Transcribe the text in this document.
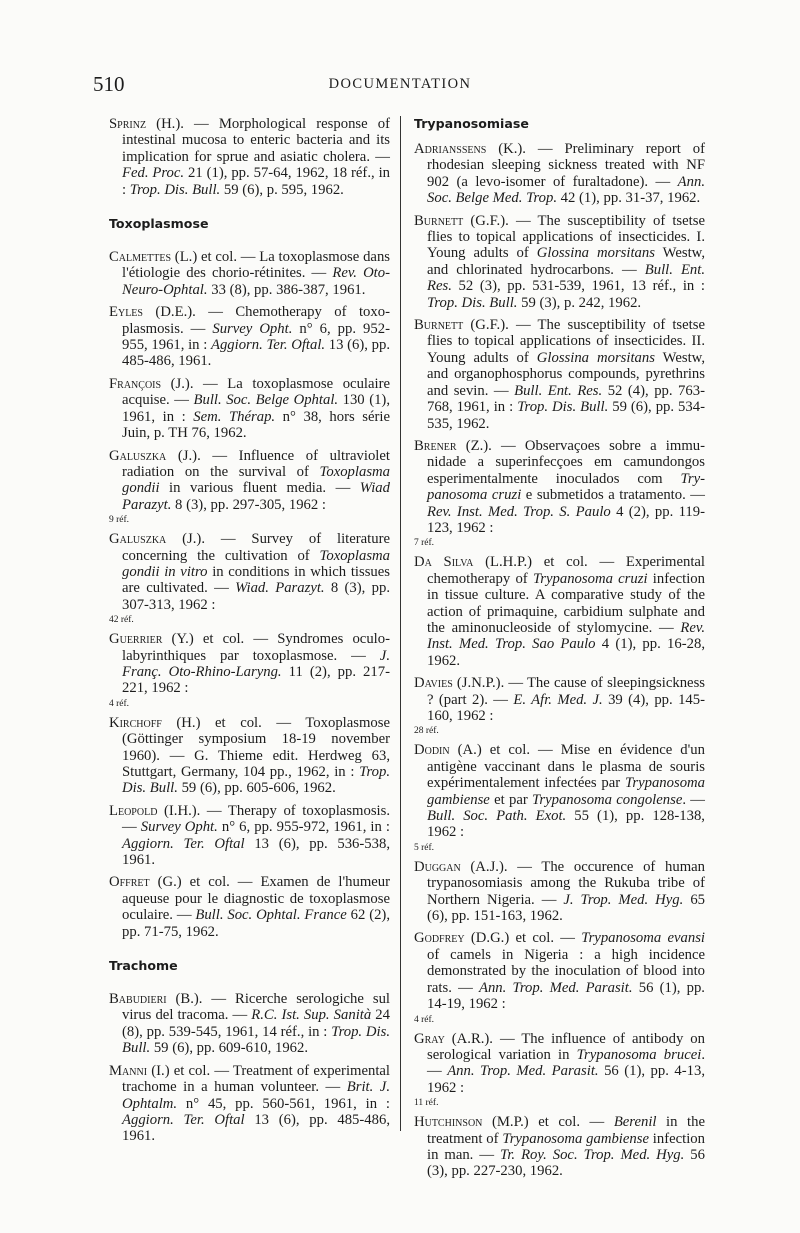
510	DOCUMENTATION

Sprinz (H.). — Morphological response of intestinal mucosa to enteric bacteria and its implication for sprue and asiatic cholera. — Fed. Proc. 21 (1), pp. 57-64, 1962, 18 réf., in : Trop. Dis. Bull. 59 (6), p. 595, 1962.

Toxoplasmose

Calmettes (L.) et col. — La toxoplasmose dans l'étiologie des chorio-rétinites. — Rev. Oto-Neuro-Ophtal. 33 (8), pp. 386-387, 1961.

Eyles (D.E.). — Chemotherapy of toxoplasmosis. — Survey Opht. n° 6, pp. 952-955, 1961, in : Aggiorn. Ter. Oftal. 13 (6), pp. 485-486, 1961.

François (J.). — La toxoplasmose oculaire acquise. — Bull. Soc. Belge Ophtal. 130 (1), 1961, in : Sem. Thérap. n° 38, hors série Juin, p. TH 76, 1962.

Galuszka (J.). — Influence of ultraviolet radiation on the survival of Toxoplasma gondii in various fluent media. — Wiad Parazyt. 8 (3), pp. 297-305, 1962 :
9 réf.

Galuszka (J.). — Survey of literature concerning the cultivation of Toxoplasma gondii in vitro in conditions in which tissues are cultivated. — Wiad. Parazyt. 8 (3), pp. 307-313, 1962 :
42 réf.

Guerrier (Y.) et col. — Syndromes oculolabyrinthiques par toxoplasmose. — J. Franç. Oto-Rhino-Laryng. 11 (2), pp. 217-221, 1962 :
4 réf.

Kirchoff (H.) et col. — Toxoplasmose (Göttinger symposium 18-19 november 1960). — G. Thieme edit. Herdweg 63, Stuttgart, Germany, 104 pp., 1962, in : Trop. Dis. Bull. 59 (6), pp. 605-606, 1962.

Leopold (I.H.). — Therapy of toxoplasmosis. — Survey Opht. n° 6, pp. 955-972, 1961, in : Aggiorn. Ter. Oftal 13 (6), pp. 536-538, 1961.

Offret (G.) et col. — Examen de l'humeur aqueuse pour le diagnostic de toxoplasmose oculaire. — Bull. Soc. Ophtal. France 62 (2), pp. 71-75, 1962.

Trachome

Babudieri (B.). — Ricerche serologiche sul virus del tracoma. — R.C. Ist. Sup. Sanità 24 (8), pp. 539-545, 1961, 14 réf., in : Trop. Dis. Bull. 59 (6), pp. 609-610, 1962.

Manni (I.) et col. — Treatment of experimental trachome in a human volunteer. — Brit. J. Ophtalm. n° 45, pp. 560-561, 1961, in : Aggiorn. Ter. Oftal 13 (6), pp. 485-486, 1961.

Trypanosomiase

Adrianssens (K.). — Preliminary report of rhodesian sleeping sickness treated with NF 902 (a levo-isomer of furaltadone). — Ann. Soc. Belge Med. Trop. 42 (1), pp. 31-37, 1962.

Burnett (G.F.). — The susceptibility of tsetse flies to topical applications of insecticides. I. Young adults of Glossina morsitans Westw, and chlorinated hydrocarbons. — Bull. Ent. Res. 52 (3), pp. 531-539, 1961, 13 réf., in : Trop. Dis. Bull. 59 (3), p. 242, 1962.

Burnett (G.F.). — The susceptibility of tsetse flies to topical applications of insecticides. II. Young adults of Glossina morsitans Westw, and organophosphorus compounds, pyrethrins and sevin. — Bull. Ent. Res. 52 (4), pp. 763-768, 1961, in : Trop. Dis. Bull. 59 (6), pp. 534-535, 1962.

Brener (Z.). — Observaçoes sobre a immunidade a superinfecçoes em camundongos esperimentalmente inoculados com Trypanosoma cruzi e submetidos a tratamento. — Rev. Inst. Med. Trop. S. Paulo 4 (2), pp. 119-123, 1962 :
7 réf.

Da Silva (L.H.P.) et col. — Experimental chemotherapy of Trypanosoma cruzi infection in tissue culture. A comparative study of the action of primaquine, carbidium sulphate and the aminonucleoside of stylomycine. — Rev. Inst. Med. Trop. Sao Paulo 4 (1), pp. 16-28, 1962.

Davies (J.N.P.). — The cause of sleepingsickness ? (part 2). — E. Afr. Med. J. 39 (4), pp. 145-160, 1962 :
28 réf.

Dodin (A.) et col. — Mise en évidence d'un antigène vaccinant dans le plasma de souris expérimentalement infectées par Trypanosoma gambiense et par Trypanosoma congolense. — Bull. Soc. Path. Exot. 55 (1), pp. 128-138, 1962 :
5 réf.

Duggan (A.J.). — The occurence of human trypanosomiasis among the Rukuba tribe of Northern Nigeria. — J. Trop. Med. Hyg. 65 (6), pp. 151-163, 1962.

Godfrey (D.G.) et col. — Trypanosoma evansi of camels in Nigeria : a high incidence demonstrated by the inoculation of blood into rats. — Ann. Trop. Med. Parasit. 56 (1), pp. 14-19, 1962 :
4 réf.

Gray (A.R.). — The influence of antibody on serological variation in Trypanosoma brucei. — Ann. Trop. Med. Parasit. 56 (1), pp. 4-13, 1962 :
11 réf.

Hutchinson (M.P.) et col. — Berenil in the treatment of Trypanosoma gambiense infection in man. — Tr. Roy. Soc. Trop. Med. Hyg. 56 (3), pp. 227-230, 1962.
